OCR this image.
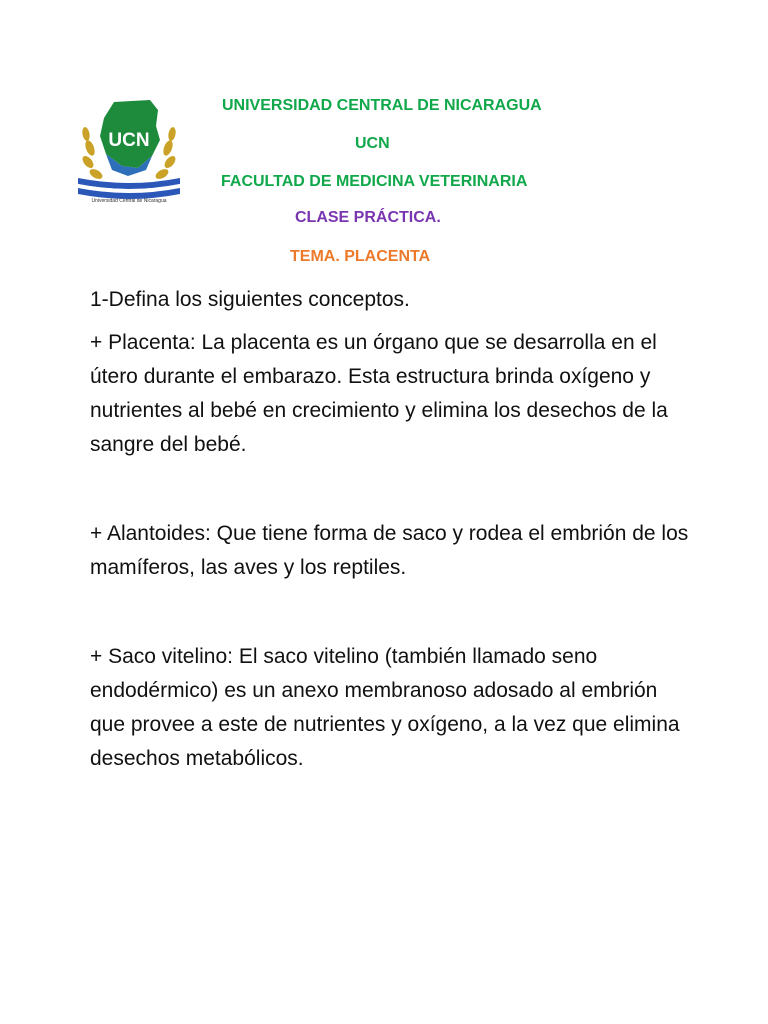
UCN
Universidad Central de Nicaragua
UNIVERSIDAD CENTRAL DE NICARAGUA
UCN
FACULTAD DE MEDICINA VETERINARIA
CLASE PRÁCTICA.
TEMA. PLACENTA
1-Defina los siguientes conceptos.

+ Placenta: La placenta es un órgano que se desarrolla en el útero durante el embarazo. Esta estructura brinda oxígeno y nutrientes al bebé en crecimiento y elimina los desechos de la sangre del bebé.

+ Alantoides: Que tiene forma de saco y rodea el embrión de los mamíferos, las aves y los reptiles.

+ Saco vitelino: El saco vitelino (también llamado seno endodérmico) es un anexo membranoso adosado al embrión que provee a este de nutrientes y oxígeno, a la vez que elimina desechos metabólicos.
